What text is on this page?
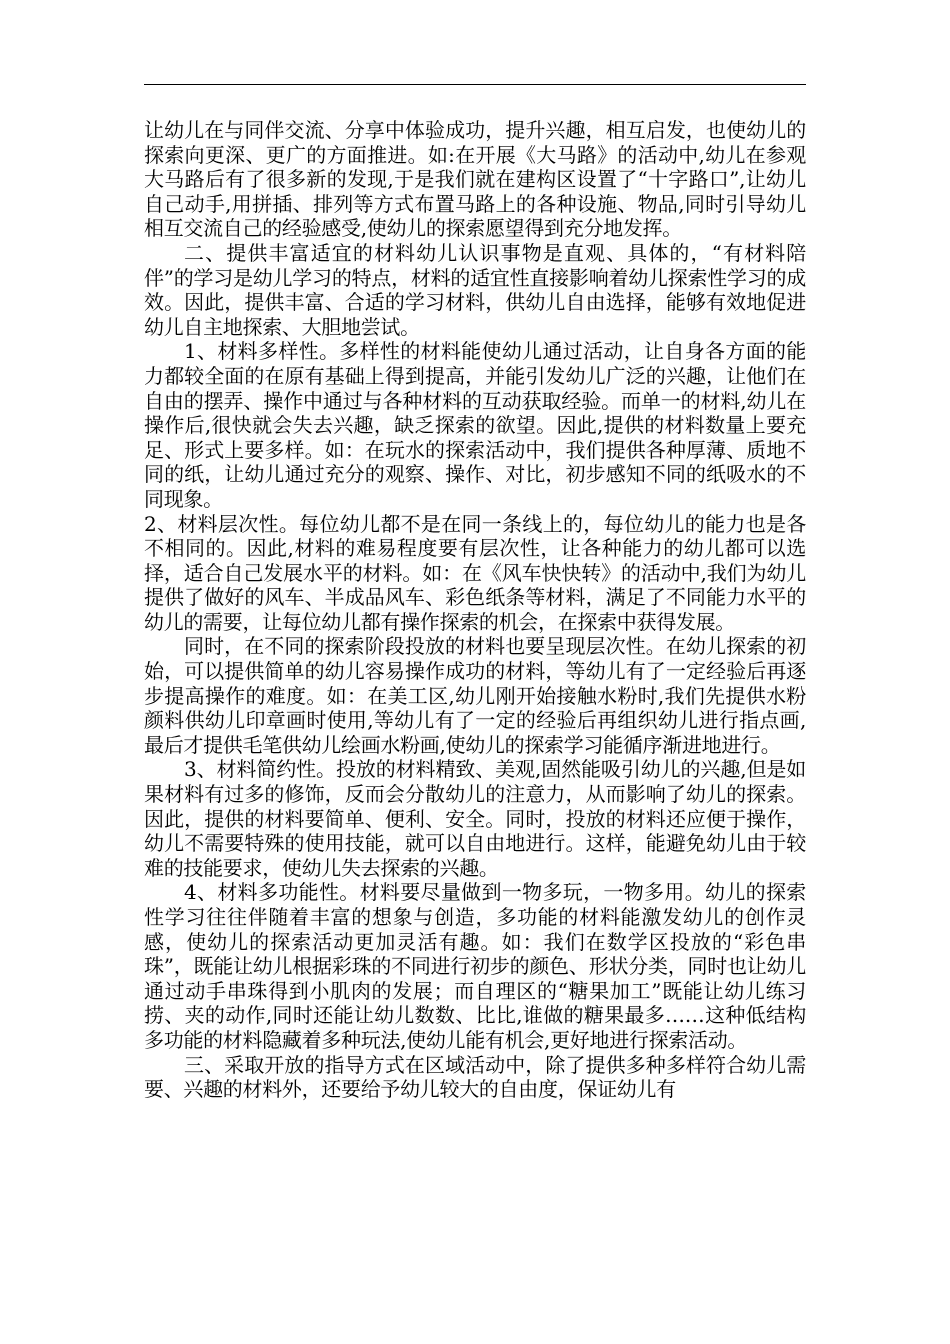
让幼儿在与同伴交流、分享中体验成功，提升兴趣，相互启发，也使幼儿的探索向更深、更广的方面推进。如:在开展《大马路》的活动中,幼儿在参观大马路后有了很多新的发现,于是我们就在建构区设置了“十字路口”,让幼儿自己动手,用拼插、排列等方式布置马路上的各种设施、物品,同时引导幼儿相互交流自己的经验感受,使幼儿的探索愿望得到充分地发挥。

二、提供丰富适宜的材料幼儿认识事物是直观、具体的，“有材料陪伴”的学习是幼儿学习的特点，材料的适宜性直接影响着幼儿探索性学习的成效。因此，提供丰富、合适的学习材料，供幼儿自由选择，能够有效地促进幼儿自主地探索、大胆地尝试。

1、材料多样性。多样性的材料能使幼儿通过活动，让自身各方面的能力都较全面的在原有基础上得到提高，并能引发幼儿广泛的兴趣，让他们在自由的摆弄、操作中通过与各种材料的互动获取经验。而单一的材料,幼儿在操作后,很快就会失去兴趣，缺乏探索的欲望。因此,提供的材料数量上要充足、形式上要多样。如：在玩水的探索活动中，我们提供各种厚薄、质地不同的纸，让幼儿通过充分的观察、操作、对比，初步感知不同的纸吸水的不同现象。

2、材料层次性。每位幼儿都不是在同一条线上的，每位幼儿的能力也是各不相同的。因此,材料的难易程度要有层次性，让各种能力的幼儿都可以选择，适合自己发展水平的材料。如：在《风车快快转》的活动中,我们为幼儿提供了做好的风车、半成品风车、彩色纸条等材料，满足了不同能力水平的幼儿的需要，让每位幼儿都有操作探索的机会，在探索中获得发展。

同时，在不同的探索阶段投放的材料也要呈现层次性。在幼儿探索的初始，可以提供简单的幼儿容易操作成功的材料，等幼儿有了一定经验后再逐步提高操作的难度。如：在美工区,幼儿刚开始接触水粉时,我们先提供水粉颜料供幼儿印章画时使用,等幼儿有了一定的经验后再组织幼儿进行指点画,最后才提供毛笔供幼儿绘画水粉画,使幼儿的探索学习能循序渐进地进行。

3、材料简约性。投放的材料精致、美观,固然能吸引幼儿的兴趣,但是如果材料有过多的修饰，反而会分散幼儿的注意力，从而影响了幼儿的探索。因此，提供的材料要简单、便利、安全。同时，投放的材料还应便于操作，幼儿不需要特殊的使用技能，就可以自由地进行。这样，能避免幼儿由于较难的技能要求，使幼儿失去探索的兴趣。

4、材料多功能性。材料要尽量做到一物多玩，一物多用。幼儿的探索性学习往往伴随着丰富的想象与创造，多功能的材料能激发幼儿的创作灵感，使幼儿的探索活动更加灵活有趣。如：我们在数学区投放的“彩色串珠”，既能让幼儿根据彩珠的不同进行初步的颜色、形状分类，同时也让幼儿通过动手串珠得到小肌肉的发展；而自理区的“糖果加工”既能让幼儿练习捞、夹的动作,同时还能让幼儿数数、比比,谁做的糖果最多……这种低结构多功能的材料隐藏着多种玩法,使幼儿能有机会,更好地进行探索活动。

三、采取开放的指导方式在区域活动中，除了提供多种多样符合幼儿需要、兴趣的材料外，还要给予幼儿较大的自由度，保证幼儿有
